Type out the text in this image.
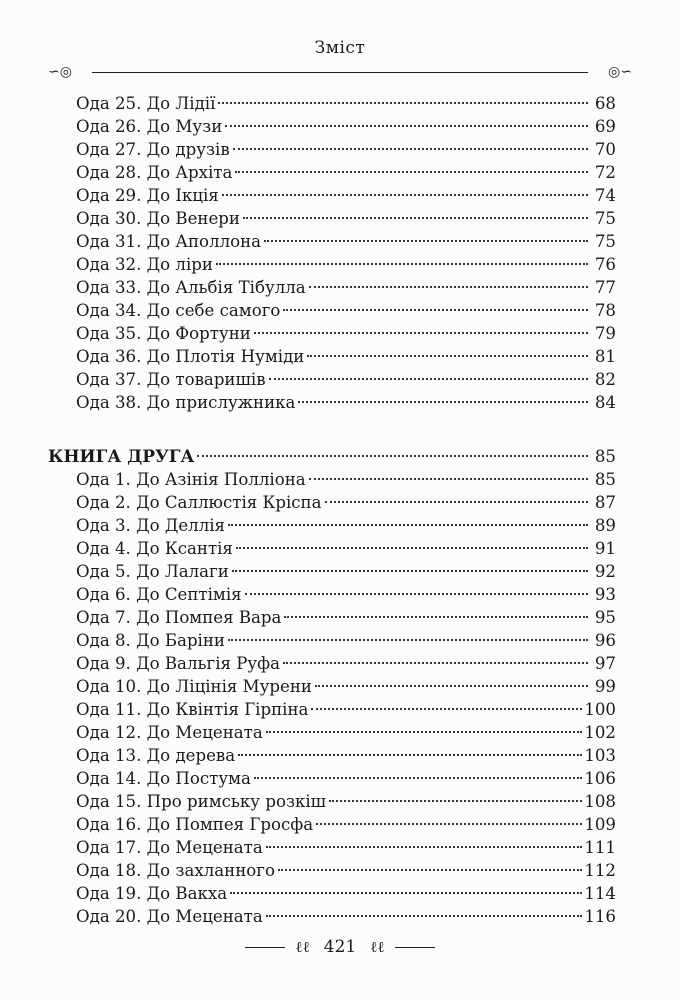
Зміст
∽◎	◎∽
Ода 25. До Лідії	68
Ода 26. До Музи	69
Ода 27. До друзів	70
Ода 28. До Архіта	72
Ода 29. До Ікція	74
Ода 30. До Венери	75
Ода 31. До Аполлона	75
Ода 32. До ліри	76
Ода 33. До Альбія Тібулла	77
Ода 34. До себе самого	78
Ода 35. До Фортуни	79
Ода 36. До Плотія Нуміди	81
Ода 37. До товаришів	82
Ода 38. До прислужника	84
КНИГА ДРУГА	85
Ода 1. До Азінія Полліона	85
Ода 2. До Саллюстія Кріспа	87
Ода 3. До Деллія	89
Ода 4. До Ксантія	91
Ода 5. До Лалаги	92
Ода 6. До Септімія	93
Ода 7. До Помпея Вара	95
Ода 8. До Баріни	96
Ода 9. До Вальгія Руфа	97
Ода 10. До Ліцінія Мурени	99
Ода 11. До Квінтія Гірпіна	100
Ода 12. До Мецената	102
Ода 13. До дерева	103
Ода 14. До Постума	106
Ода 15. Про римську розкіш	108
Ода 16. До Помпея Гросфа	109
Ода 17. До Мецената	111
Ода 18. До захланного	112
Ода 19. До Вакха	114
Ода 20. До Мецената	116
ℓℓ 421 ℓℓ
